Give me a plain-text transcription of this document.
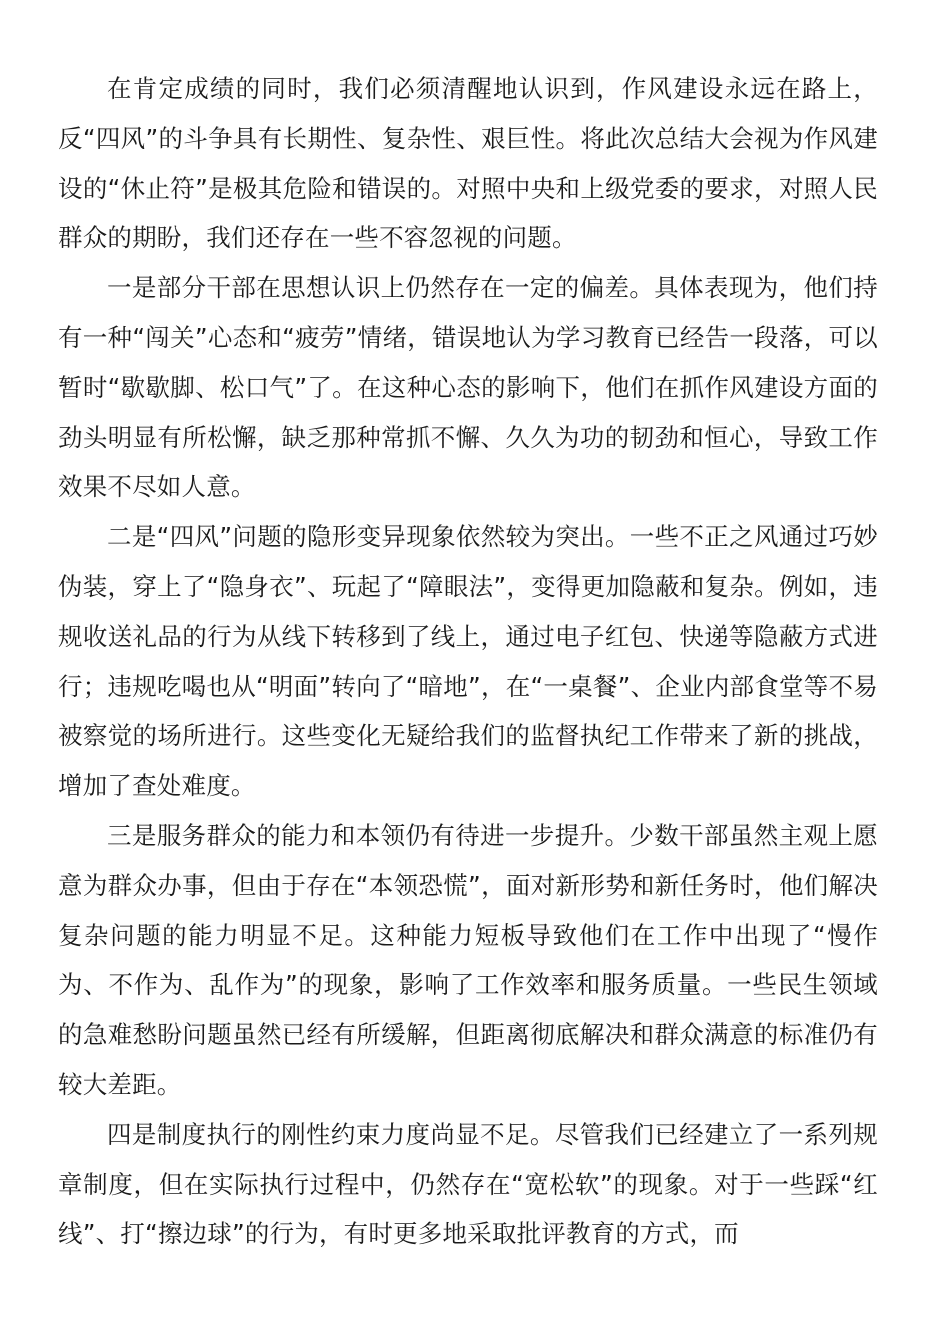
在肯定成绩的同时，我们必须清醒地认识到，作风建设永远在路上，反“四风”的斗争具有长期性、复杂性、艰巨性。将此次总结大会视为作风建设的“休止符”是极其危险和错误的。对照中央和上级党委的要求，对照人民群众的期盼，我们还存在一些不容忽视的问题。

一是部分干部在思想认识上仍然存在一定的偏差。具体表现为，他们持有一种“闯关”心态和“疲劳”情绪，错误地认为学习教育已经告一段落，可以暂时“歇歇脚、松口气”了。在这种心态的影响下，他们在抓作风建设方面的劲头明显有所松懈，缺乏那种常抓不懈、久久为功的韧劲和恒心，导致工作效果不尽如人意。

二是“四风”问题的隐形变异现象依然较为突出。一些不正之风通过巧妙伪装，穿上了“隐身衣”、玩起了“障眼法”，变得更加隐蔽和复杂。例如，违规收送礼品的行为从线下转移到了线上，通过电子红包、快递等隐蔽方式进行；违规吃喝也从“明面”转向了“暗地”，在“一桌餐”、企业内部食堂等不易被察觉的场所进行。这些变化无疑给我们的监督执纪工作带来了新的挑战，增加了查处难度。

三是服务群众的能力和本领仍有待进一步提升。少数干部虽然主观上愿意为群众办事，但由于存在“本领恐慌”，面对新形势和新任务时，他们解决复杂问题的能力明显不足。这种能力短板导致他们在工作中出现了“慢作为、不作为、乱作为”的现象，影响了工作效率和服务质量。一些民生领域的急难愁盼问题虽然已经有所缓解，但距离彻底解决和群众满意的标准仍有较大差距。

四是制度执行的刚性约束力度尚显不足。尽管我们已经建立了一系列规章制度，但在实际执行过程中，仍然存在“宽松软”的现象。对于一些踩“红线”、打“擦边球”的行为，有时更多地采取批评教育的方式，而
